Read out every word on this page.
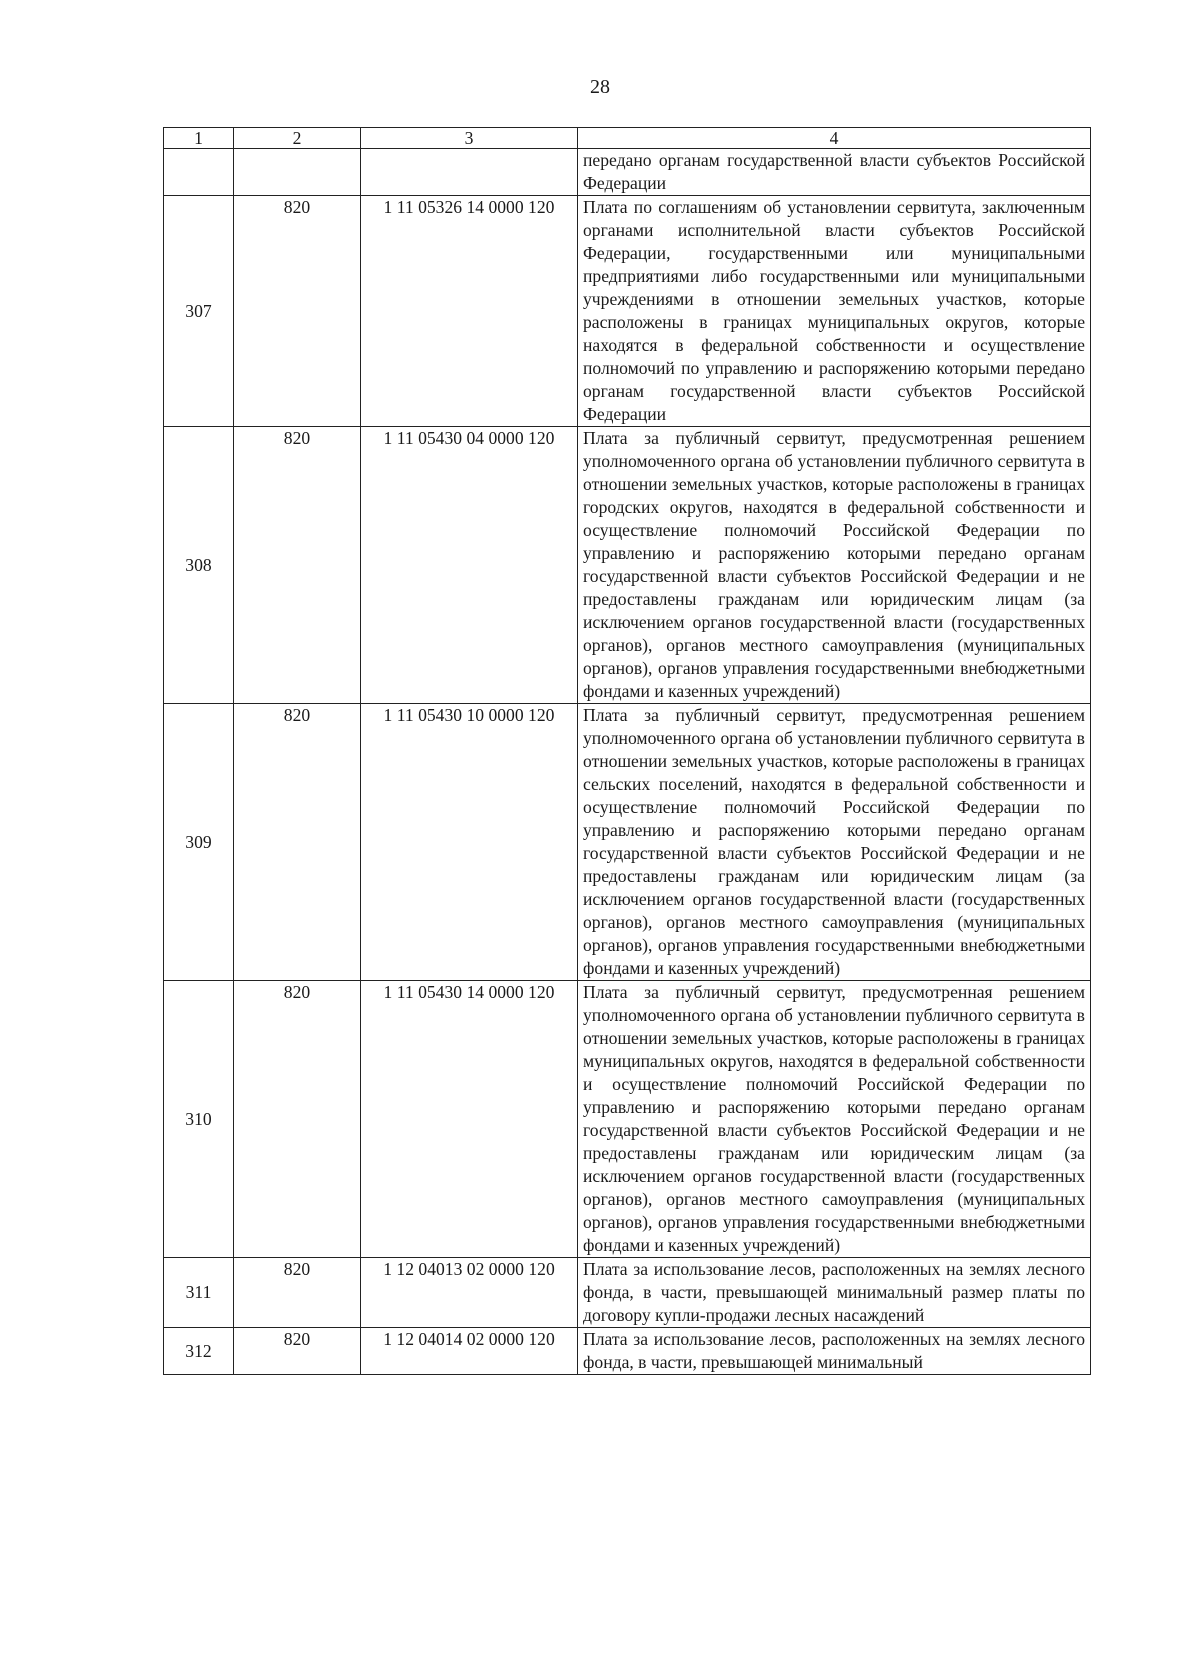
28
1	2	3	4
			передано органам государственной власти субъектов Российской Федерации
307	820	1 11 05326 14 0000 120	Плата по соглашениям об установлении сервитута, заключенным органами исполнительной власти субъектов Российской Федерации, государственными или муниципальными предприятиями либо государственными или муниципальными учреждениями в отношении земельных участков, которые расположены в границах муниципальных округов, которые находятся в федеральной собственности и осуществление полномочий по управлению и распоряжению которыми передано органам государственной власти субъектов Российской Федерации
308	820	1 11 05430 04 0000 120	Плата за публичный сервитут, предусмотренная решением уполномоченного органа об установлении публичного сервитута в отношении земельных участков, которые расположены в границах городских округов, находятся в федеральной собственности и осуществление полномочий Российской Федерации по управлению и распоряжению которыми передано органам государственной власти субъектов Российской Федерации и не предоставлены гражданам или юридическим лицам (за исключением органов государственной власти (государственных органов), органов местного самоуправления (муниципальных органов), органов управления государственными внебюджетными фондами и казенных учреждений)
309	820	1 11 05430 10 0000 120	Плата за публичный сервитут, предусмотренная решением уполномоченного органа об установлении публичного сервитута в отношении земельных участков, которые расположены в границах сельских поселений, находятся в федеральной собственности и осуществление полномочий Российской Федерации по управлению и распоряжению которыми передано органам государственной власти субъектов Российской Федерации и не предоставлены гражданам или юридическим лицам (за исключением органов государственной власти (государственных органов), органов местного самоуправления (муниципальных органов), органов управления государственными внебюджетными фондами и казенных учреждений)
310	820	1 11 05430 14 0000 120	Плата за публичный сервитут, предусмотренная решением уполномоченного органа об установлении публичного сервитута в отношении земельных участков, которые расположены в границах муниципальных округов, находятся в федеральной собственности и осуществление полномочий Российской Федерации по управлению и распоряжению которыми передано органам государственной власти субъектов Российской Федерации и не предоставлены гражданам или юридическим лицам (за исключением органов государственной власти (государственных органов), органов местного самоуправления (муниципальных органов), органов управления государственными внебюджетными фондами и казенных учреждений)
311	820	1 12 04013 02 0000 120	Плата за использование лесов, расположенных на землях лесного фонда, в части, превышающей минимальный размер платы по договору купли-продажи лесных насаждений
312	820	1 12 04014 02 0000 120	Плата за использование лесов, расположенных на землях лесного фонда, в части, превышающей минимальный
